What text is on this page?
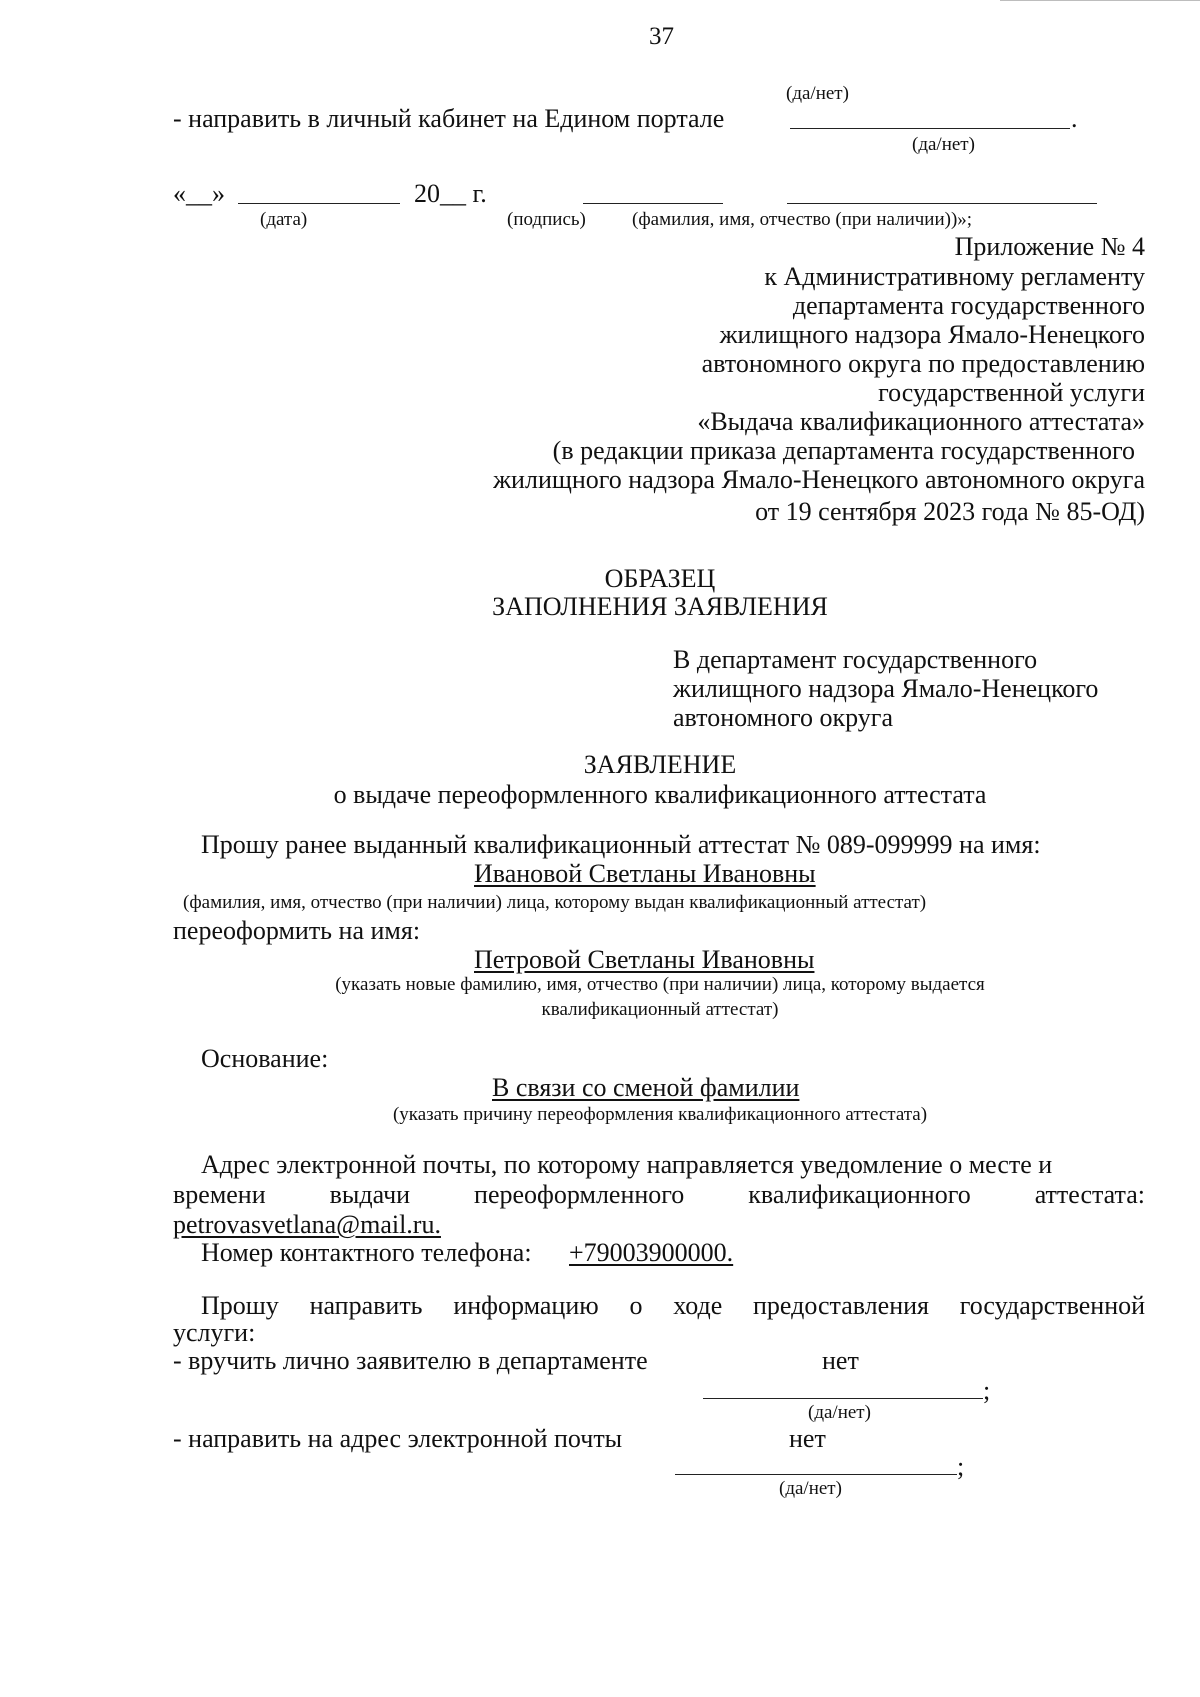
37
(да/нет)
- направить в личный кабинет на Едином портале	.
(да/нет)
«__»	20__ г.
(дата)	(подпись) (фамилия, имя, отчество (при наличии))»;
Приложение № 4
к Административному регламенту
департамента государственного
жилищного надзора Ямало-Ненецкого
автономного округа по предоставлению
государственной услуги
«Выдача квалификационного аттестата»
(в редакции приказа департамента государственного
жилищного надзора Ямало-Ненецкого автономного округа
от 19 сентября 2023 года № 85-ОД)
ОБРАЗЕЦ
ЗАПОЛНЕНИЯ ЗАЯВЛЕНИЯ
В департамент государственного
жилищного надзора Ямало-Ненецкого
автономного округа
ЗАЯВЛЕНИЕ
о выдаче переоформленного квалификационного аттестата
Прошу ранее выданный квалификационный аттестат № 089-099999 на имя:
Ивановой Светланы Ивановны
(фамилия, имя, отчество (при наличии) лица, которому выдан квалификационный аттестат)
переоформить на имя:
Петровой Светланы Ивановны
(указать новые фамилию, имя, отчество (при наличии) лица, которому выдается
квалификационный аттестат)
Основание:
В связи со сменой фамилии
(указать причину переоформления квалификационного аттестата)
Адрес электронной почты, по которому направляется уведомление о месте и
времени выдачи переоформленного квалификационного аттестата:
petrovasvetlana@mail.ru.
Номер контактного телефона: +79003900000.
Прошу направить информацию о ходе предоставления государственной
услуги:
- вручить лично заявителю в департаменте	нет
;
(да/нет)
- направить на адрес электронной почты	нет
;
(да/нет)
